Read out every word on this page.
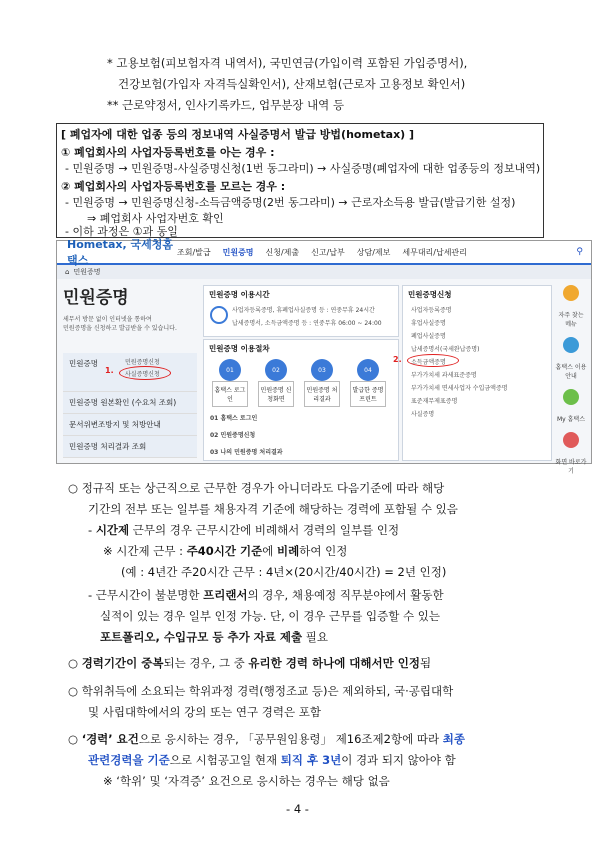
* 고용보험(피보험자격 내역서), 국민연금(가입이력 포함된 가입증명서),
건강보험(가입자 자격득실확인서), 산재보험(근로자 고용정보 확인서)
** 근로약정서, 인사기록카드, 업무분장 내역 등
[ 폐업자에 대한 업종 등의 정보내역 사실증명서 발급 방법(hometax) ]
① 폐업회사의 사업자등록번호를 아는 경우 :
- 민원증명 → 민원증명-사실증명신청(1번 동그라미) → 사실증명(폐업자에 대한 업종등의 정보내역)
② 폐업회사의 사업자등록번호를 모르는 경우 :
- 민원증명 → 민원증명신청-소득금액증명(2번 동그라미) → 근로자소득용 발급(발급기한 설정)
⇒ 폐업회사 사업자번호 확인
- 이하 과정은 ①과 동일
Hometax, 국세청홈택스
조회/발급 민원증명 신청/제출 신고/납부 상담/제보 세무대리/납세관리	⚲
⌂ 민원증명
민원증명
세무서 방문 없이 인터넷을 통하여
민원증명을 신청하고 발급받을 수 있습니다.
민원증명	민원증명신청
사실증명신청
1.
민원증명 원본확인 (수요처 조회)
문서위변조방지 및 처방안내
민원증명 처리결과 조회
민원증명 이용시간
사업자등록증명, 휴폐업사실증명 등 : 연중무휴 24시간
납세증명서, 소득금액증명 등 : 연중무휴 06:00 ~ 24:00
민원증명 이용절차
01
홈택스 로그인
02
민원증명 신청화면
03
민원증명 처리결과
04
발급한 증명 프린트
01 홈택스 로그인
02 민원증명신청
03 나의 민원증명 처리결과
민원증명신청
사업자등록증명
휴업사실증명
폐업사실증명
납세증명서(국세완납증명)
소득금액증명
2.
부가가치세 과세표준증명
부가가치세 면세사업자 수입금액증명
표준재무제표증명
사실증명
자주 찾는 메뉴
홈택스 이용안내
My 홈택스
화면 바로가기
○ 정규직 또는 상근직으로 근무한 경우가 아니더라도 다음기준에 따라 해당
기간의 전부 또는 일부를 채용자격 기준에 해당하는 경력에 포함될 수 있음
- 시간제 근무의 경우 근무시간에 비례해서 경력의 일부를 인정
※ 시간제 근무 : 주40시간 기준에 비례하여 인정
(예 : 4년간 주20시간 근무 : 4년×(20시간/40시간) = 2년 인정)
- 근무시간이 불분명한 프리랜서의 경우, 채용예정 직무분야에서 활동한
실적이 있는 경우 일부 인정 가능. 단, 이 경우 근무를 입증할 수 있는
포트폴리오, 수입규모 등 추가 자료 제출 필요
○ 경력기간이 중복되는 경우, 그 중 유리한 경력 하나에 대해서만 인정됨
○ 학위취득에 소요되는 학위과정 경력(행정조교 등)은 제외하되, 국·공립대학
및 사립대학에서의 강의 또는 연구 경력은 포함
○ ‘경력’ 요건으로 응시하는 경우, 「공무원임용령」 제16조제2항에 따라 최종
관련경력을 기준으로 시험공고일 현재 퇴직 후 3년이 경과 되지 않아야 함
※ ‘학위’ 및 ‘자격증’ 요건으로 응시하는 경우는 해당 없음
- 4 -
